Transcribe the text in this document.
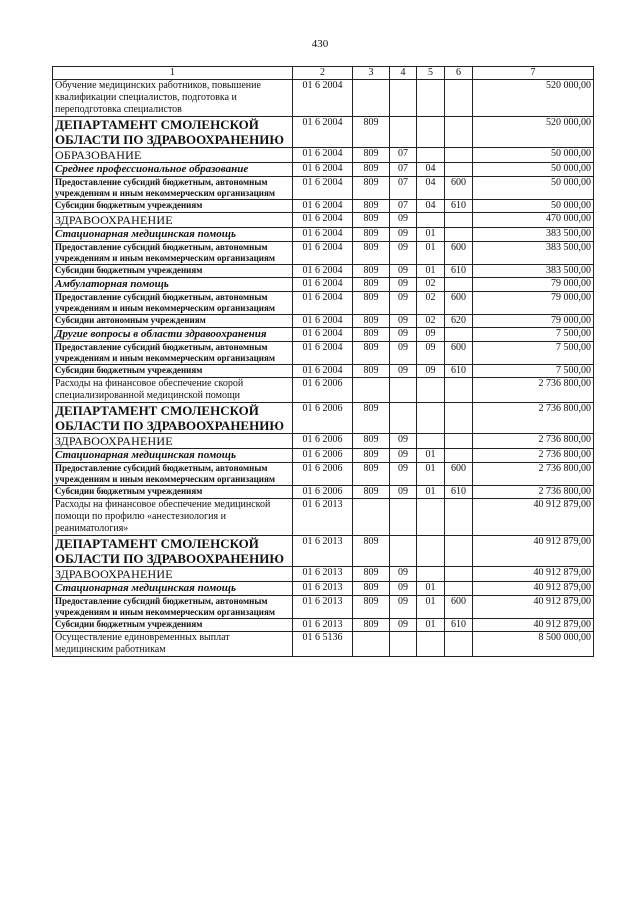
430
1	2	3	4	5	6	7
Обучение медицинских работников, повышение квалификации специалистов, подготовка и переподготовка специалистов	01 6 2004					520 000,00
ДЕПАРТАМЕНТ СМОЛЕНСКОЙ ОБЛАСТИ ПО ЗДРАВООХРАНЕНИЮ	01 6 2004	809				520 000,00
ОБРАЗОВАНИЕ	01 6 2004	809	07			50 000,00
Среднее профессиональное образование	01 6 2004	809	07	04		50 000,00
Предоставление субсидий бюджетным, автономным учреждениям и иным некоммерческим организациям	01 6 2004	809	07	04	600	50 000,00
Субсидии бюджетным учреждениям	01 6 2004	809	07	04	610	50 000,00
ЗДРАВООХРАНЕНИЕ	01 6 2004	809	09			470 000,00
Стационарная медицинская помощь	01 6 2004	809	09	01		383 500,00
Предоставление субсидий бюджетным, автономным учреждениям и иным некоммерческим организациям	01 6 2004	809	09	01	600	383 500,00
Субсидии бюджетным учреждениям	01 6 2004	809	09	01	610	383 500,00
Амбулаторная помощь	01 6 2004	809	09	02		79 000,00
Предоставление субсидий бюджетным, автономным учреждениям и иным некоммерческим организациям	01 6 2004	809	09	02	600	79 000,00
Субсидии автономным учреждениям	01 6 2004	809	09	02	620	79 000,00
Другие вопросы в области здравоохранения	01 6 2004	809	09	09		7 500,00
Предоставление субсидий бюджетным, автономным учреждениям и иным некоммерческим организациям	01 6 2004	809	09	09	600	7 500,00
Субсидии бюджетным учреждениям	01 6 2004	809	09	09	610	7 500,00
Расходы на финансовое обеспечение скорой специализированной медицинской помощи	01 6 2006					2 736 800,00
ДЕПАРТАМЕНТ СМОЛЕНСКОЙ ОБЛАСТИ ПО ЗДРАВООХРАНЕНИЮ	01 6 2006	809				2 736 800,00
ЗДРАВООХРАНЕНИЕ	01 6 2006	809	09			2 736 800,00
Стационарная медицинская помощь	01 6 2006	809	09	01		2 736 800,00
Предоставление субсидий бюджетным, автономным учреждениям и иным некоммерческим организациям	01 6 2006	809	09	01	600	2 736 800,00
Субсидии бюджетным учреждениям	01 6 2006	809	09	01	610	2 736 800,00
Расходы на финансовое обеспечение медицинской помощи по профилю «анестезиология и реаниматология»	01 6 2013					40 912 879,00
ДЕПАРТАМЕНТ СМОЛЕНСКОЙ ОБЛАСТИ ПО ЗДРАВООХРАНЕНИЮ	01 6 2013	809				40 912 879,00
ЗДРАВООХРАНЕНИЕ	01 6 2013	809	09			40 912 879,00
Стационарная медицинская помощь	01 6 2013	809	09	01		40 912 879,00
Предоставление субсидий бюджетным, автономным учреждениям и иным некоммерческим организациям	01 6 2013	809	09	01	600	40 912 879,00
Субсидии бюджетным учреждениям	01 6 2013	809	09	01	610	40 912 879,00
Осуществление единовременных выплат медицинским работникам	01 6 5136					8 500 000,00
